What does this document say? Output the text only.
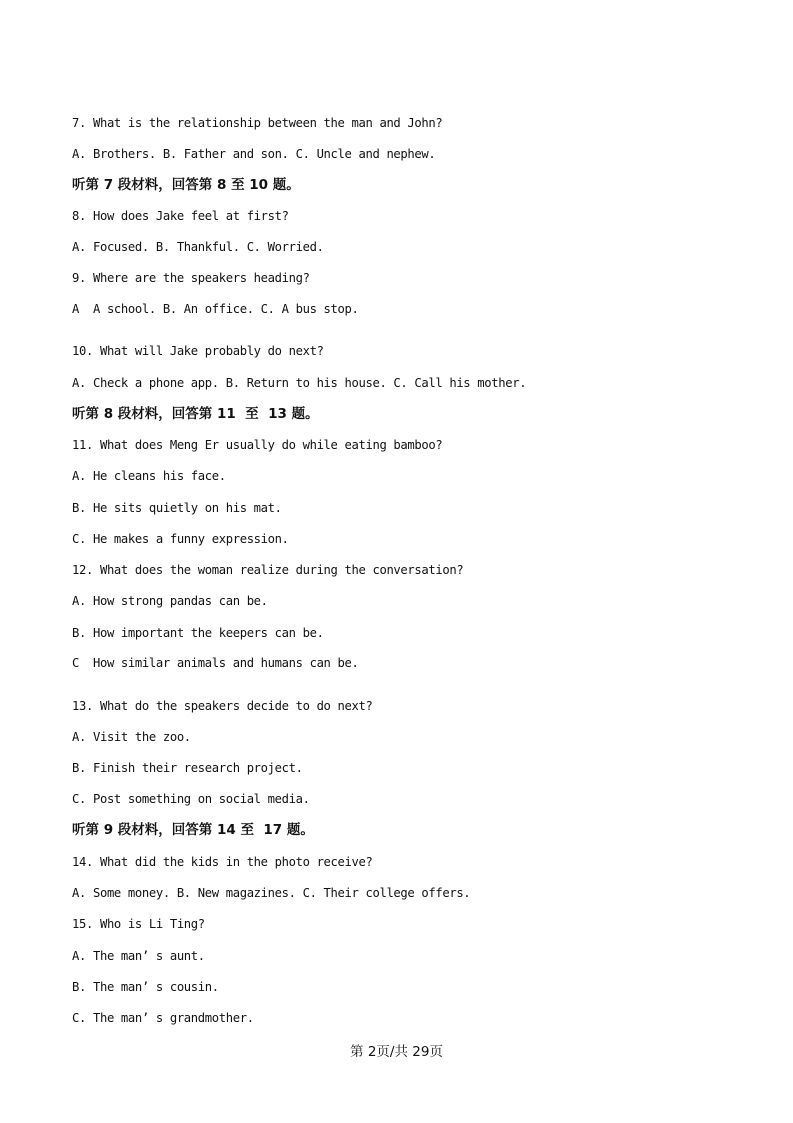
7. What is the relationship between the man and John?
A. Brothers. B. Father and son. C. Uncle and nephew.
听第 7 段材料，回答第 8 至 10 题。
8. How does Jake feel at first?
A. Focused. B. Thankful. C. Worried.
9. Where are the speakers heading?
A  A school. B. An office. C. A bus stop.
10. What will Jake probably do next?
A. Check a phone app. B. Return to his house. C. Call his mother.
听第 8 段材料，回答第 11  至  13 题。
11. What does Meng Er usually do while eating bamboo?
A. He cleans his face.
B. He sits quietly on his mat.
C. He makes a funny expression.
12. What does the woman realize during the conversation?
A. How strong pandas can be.
B. How important the keepers can be.
C  How similar animals and humans can be.
13. What do the speakers decide to do next?
A. Visit the zoo.
B. Finish their research project.
C. Post something on social media.
听第 9 段材料，回答第 14 至  17 题。
14. What did the kids in the photo receive?
A. Some money. B. New magazines. C. Their college offers.
15. Who is Li Ting?
A. The man’ s aunt.
B. The man’ s cousin.
C. The man’ s grandmother.
第 2页/共 29页
